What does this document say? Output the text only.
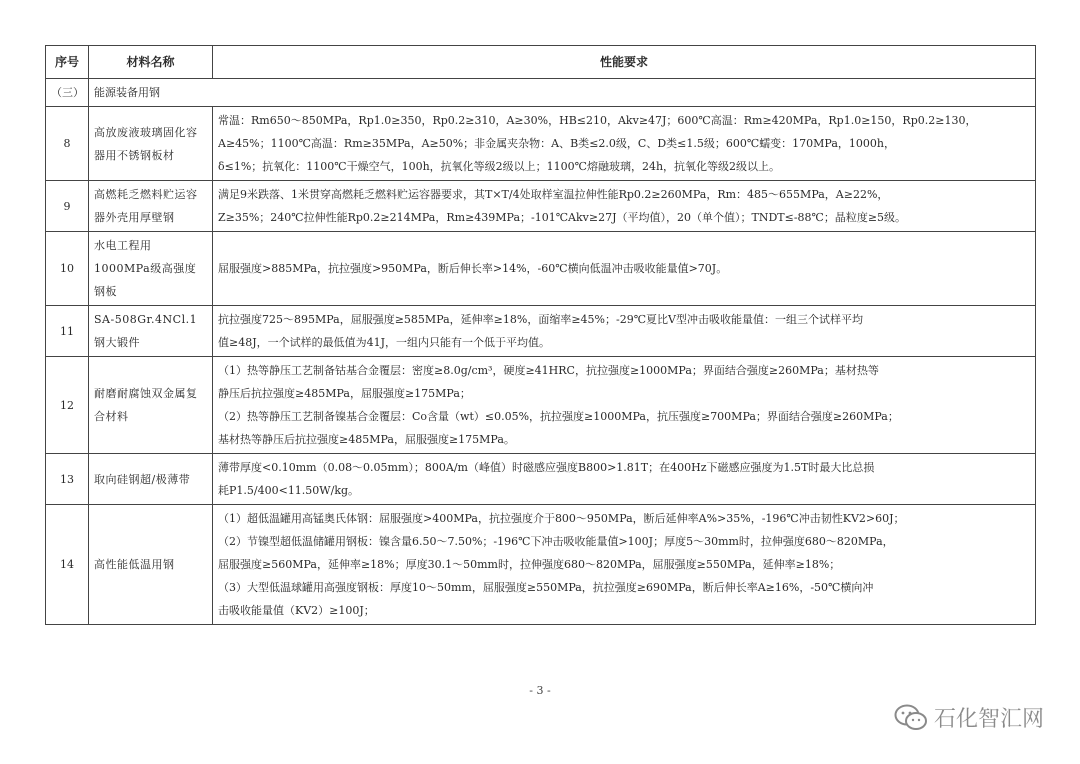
序号	材料名称	性能要求
（三）	能源装备用钢	
8	高放废液玻璃固化容器用不锈钢板材	常温：Rm650～850MPa，Rp1.0≥350，Rp0.2≥310，A≥30%，HB≤210，Akv≥47J；600℃高温：Rm≥420MPa，Rp1.0≥150，Rp0.2≥130，
A≥45%；1100℃高温：Rm≥35MPa，A≥50%；非金属夹杂物：A、B类≤2.0级，C、D类≤1.5级；600℃蠕变：170MPa，1000h，
δ≤1%；抗氧化：1100℃干燥空气，100h，抗氧化等级2级以上；1100℃熔融玻璃，24h，抗氧化等级2级以上。

9	高燃耗乏燃料贮运容器外壳用厚壁钢	满足9米跌落、1米贯穿高燃耗乏燃料贮运容器要求，其T×T/4处取样室温拉伸性能Rp0.2≥260MPa，Rm：485～655MPa，A≥22%，
Z≥35%；240℃拉伸性能Rp0.2≥214MPa，Rm≥439MPa；-101℃Akv≥27J（平均值），20（单个值）；TNDT≤-88℃；晶粒度≥5级。

10	水电工程用1000MPa级高强度钢板	屈服强度>885MPa，抗拉强度>950MPa，断后伸长率>14%，-60℃横向低温冲击吸收能量值>70J。

11	SA-508Gr.4NCl.1钢大锻件	抗拉强度725～895MPa，屈服强度≥585MPa，延伸率≥18%，面缩率≥45%；-29℃夏比V型冲击吸收能量值：一组三个试样平均
值≥48J，一个试样的最低值为41J，一组内只能有一个低于平均值。

12	耐磨耐腐蚀双金属复合材料	（1）热等静压工艺制备钴基合金覆层：密度≥8.0g/cm³，硬度≥41HRC，抗拉强度≥1000MPa；界面结合强度≥260MPa；基材热等
静压后抗拉强度≥485MPa，屈服强度≥175MPa；
（2）热等静压工艺制备镍基合金覆层：Co含量（wt）≤0.05%，抗拉强度≥1000MPa，抗压强度≥700MPa；界面结合强度≥260MPa；
基材热等静压后抗拉强度≥485MPa，屈服强度≥175MPa。

13	取向硅钢超/极薄带	薄带厚度<0.10mm（0.08～0.05mm）；800A/m（峰值）时磁感应强度B800>1.81T；在400Hz下磁感应强度为1.5T时最大比总损
耗P1.5/400<11.50W/kg。

14	高性能低温用钢	（1）超低温罐用高锰奥氏体钢：屈服强度>400MPa，抗拉强度介于800～950MPa，断后延伸率A%>35%，-196℃冲击韧性KV2>60J；
（2）节镍型超低温储罐用钢板：镍含量6.50～7.50%；-196℃下冲击吸收能量值>100J；厚度5～30mm时，拉伸强度680～820MPa，
屈服强度≥560MPa，延伸率≥18%；厚度30.1～50mm时，拉伸强度680～820MPa，屈服强度≥550MPa，延伸率≥18%；
（3）大型低温球罐用高强度钢板：厚度10～50mm，屈服强度≥550MPa，抗拉强度≥690MPa，断后伸长率A≥16%，-50℃横向冲
击吸收能量值（KV2）≥100J；
- 3 -
石化智汇网
